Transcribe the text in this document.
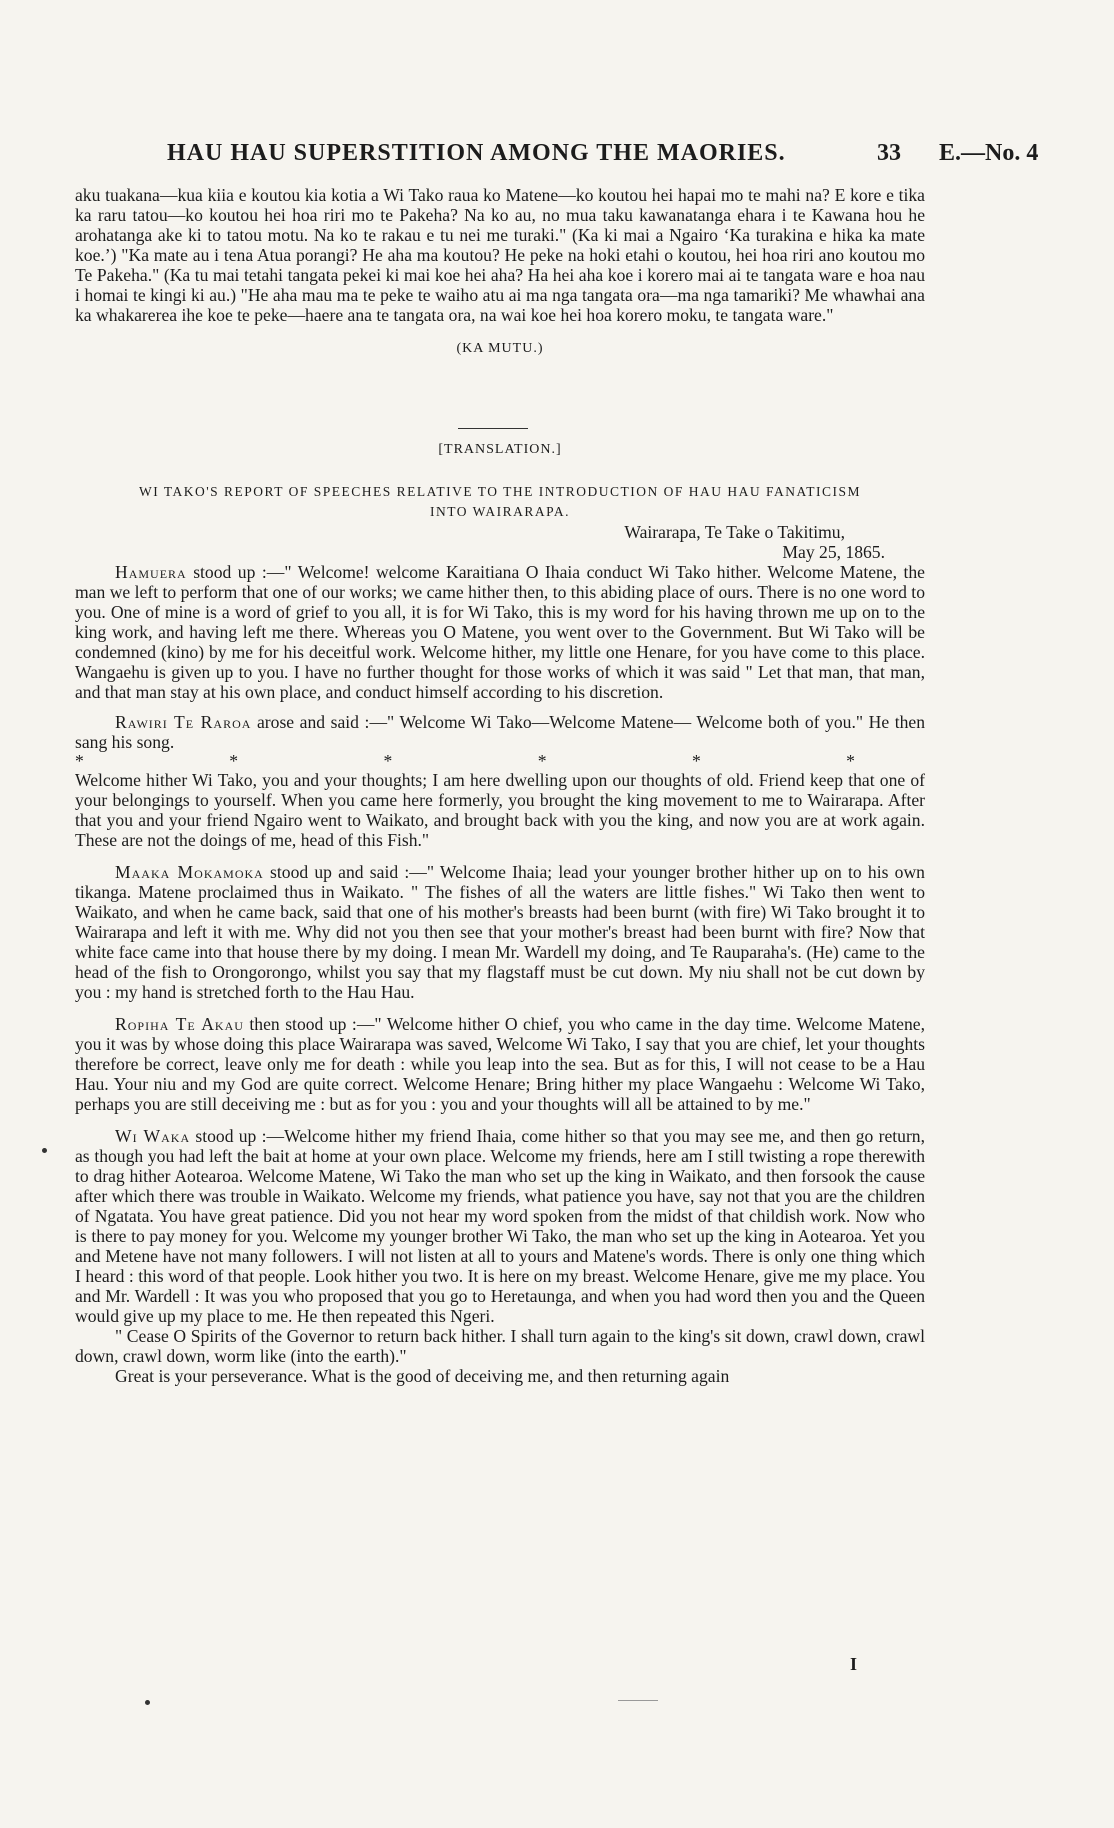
HAU HAU SUPERSTITION AMONG THE MAORIES.	33 E.—No. 4

aku tuakana—kua kiia e koutou kia kotia a Wi Tako raua ko Matene—ko koutou hei hapai mo te mahi na? E kore e tika ka raru tatou—ko koutou hei hoa riri mo te Pakeha? Na ko au, no mua taku kawanatanga ehara i te Kawana hou he arohatanga ake ki to tatou motu. Na ko te rakau e tu nei me turaki." (Ka ki mai a Ngairo ‘Ka turakina e hika ka mate koe.’) "Ka mate au i tena Atua porangi? He aha ma koutou? He peke na hoki etahi o koutou, hei hoa riri ano koutou mo Te Pakeha." (Ka tu mai tetahi tangata pekei ki mai koe hei aha? Ha hei aha koe i korero mai ai te tangata ware e hoa nau i homai te kingi ki au.) "He aha mau ma te peke te waiho atu ai ma nga tangata ora—ma nga tamariki? Me whawhai ana ka whakarerea ihe koe te peke—haere ana te tangata ora, na wai koe hei hoa korero moku, te tangata ware."

(KA MUTU.)

[TRANSLATION.]

WI TAKO'S REPORT OF SPEECHES RELATIVE TO THE INTRODUCTION OF HAU HAU FANATICISM
INTO WAIRARAPA.

Wairarapa, Te Take o Takitimu,

May 25, 1865.

Hamuera stood up :—" Welcome! welcome Karaitiana O Ihaia conduct Wi Tako hither. Welcome Matene, the man we left to perform that one of our works; we came hither then, to this abiding place of ours. There is no one word to you. One of mine is a word of grief to you all, it is for Wi Tako, this is my word for his having thrown me up on to the king work, and having left me there. Whereas you O Matene, you went over to the Government. But Wi Tako will be condemned (kino) by me for his deceitful work. Welcome hither, my little one Henare, for you have come to this place. Wangaehu is given up to you. I have no further thought for those works of which it was said " Let that man, that man, and that man stay at his own place, and conduct himself according to his discretion.

Rawiri Te Raroa arose and said :—" Welcome Wi Tako—Welcome Matene— Welcome both of you." He then sang his song.

*	*	*	*	*	*

Welcome hither Wi Tako, you and your thoughts; I am here dwelling upon our thoughts of old. Friend keep that one of your belongings to yourself. When you came here formerly, you brought the king movement to me to Wairarapa. After that you and your friend Ngairo went to Waikato, and brought back with you the king, and now you are at work again. These are not the doings of me, head of this Fish."

Maaka Mokamoka stood up and said :—" Welcome Ihaia; lead your younger brother hither up on to his own tikanga. Matene proclaimed thus in Waikato. " The fishes of all the waters are little fishes." Wi Tako then went to Waikato, and when he came back, said that one of his mother's breasts had been burnt (with fire) Wi Tako brought it to Wairarapa and left it with me. Why did not you then see that your mother's breast had been burnt with fire? Now that white face came into that house there by my doing. I mean Mr. Wardell my doing, and Te Rauparaha's. (He) came to the head of the fish to Orongorongo, whilst you say that my flagstaff must be cut down. My niu shall not be cut down by you : my hand is stretched forth to the Hau Hau.

Ropiha Te Akau then stood up :—" Welcome hither O chief, you who came in the day time. Welcome Matene, you it was by whose doing this place Wairarapa was saved, Welcome Wi Tako, I say that you are chief, let your thoughts therefore be correct, leave only me for death : while you leap into the sea. But as for this, I will not cease to be a Hau Hau. Your niu and my God are quite correct. Welcome Henare; Bring hither my place Wangaehu : Welcome Wi Tako, perhaps you are still deceiving me : but as for you : you and your thoughts will all be attained to by me."

Wi Waka stood up :—Welcome hither my friend Ihaia, come hither so that you may see me, and then go return, as though you had left the bait at home at your own place. Welcome my friends, here am I still twisting a rope therewith to drag hither Aotearoa. Welcome Matene, Wi Tako the man who set up the king in Waikato, and then forsook the cause after which there was trouble in Waikato. Welcome my friends, what patience you have, say not that you are the children of Ngatata. You have great patience. Did you not hear my word spoken from the midst of that childish work. Now who is there to pay money for you. Welcome my younger brother Wi Tako, the man who set up the king in Aotearoa. Yet you and Metene have not many followers. I will not listen at all to yours and Matene's words. There is only one thing which I heard : this word of that people. Look hither you two. It is here on my breast. Welcome Henare, give me my place. You and Mr. Wardell : It was you who proposed that you go to Heretaunga, and when you had word then you and the Queen would give up my place to me. He then repeated this Ngeri.

" Cease O Spirits of the Governor to return back hither. I shall turn again to the king's sit down, crawl down, crawl down, crawl down, worm like (into the earth)."

Great is your perseverance. What is the good of deceiving me, and then returning again

I
